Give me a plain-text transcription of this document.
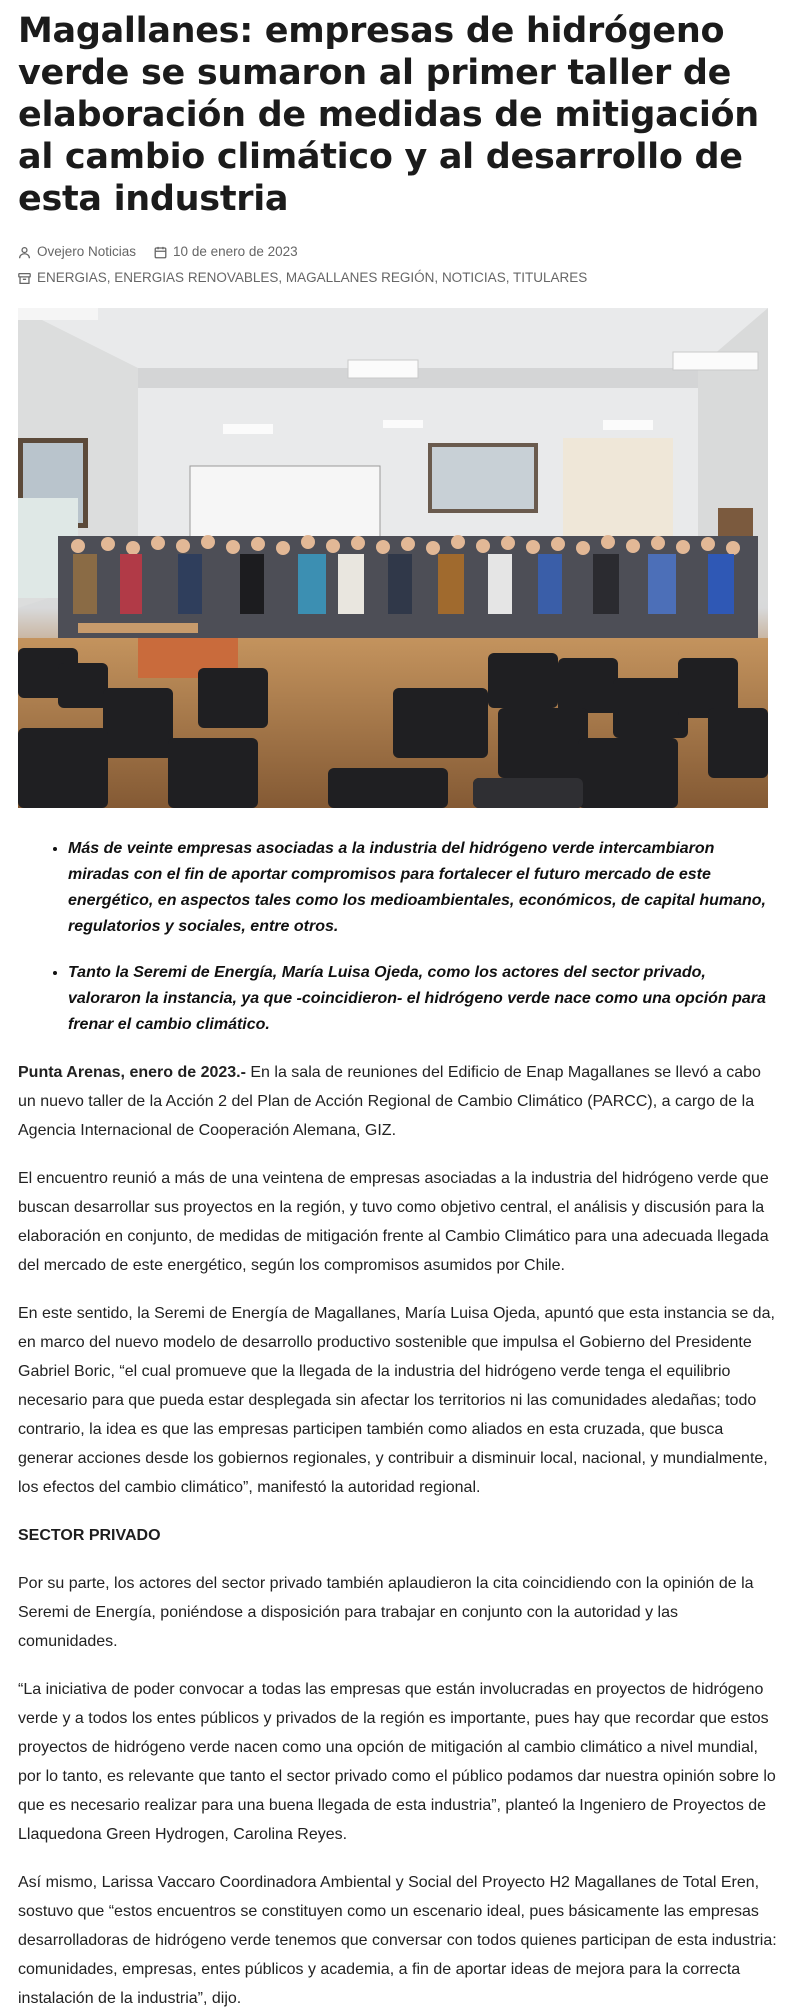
Magallanes: empresas de hidrógeno verde se sumaron al primer taller de elaboración de medidas de mitigación al cambio climático y al desarrollo de esta industria
Ovejero Noticias	10 de enero de 2023
ENERGIAS, ENERGIAS RENOVABLES, MAGALLANES REGIÓN, NOTICIAS, TITULARES
• Más de veinte empresas asociadas a la industria del hidrógeno verde intercambiaron miradas con el fin de aportar compromisos para fortalecer el futuro mercado de este energético, en aspectos tales como los medioambientales, económicos, de capital humano, regulatorios y sociales, entre otros.
• Tanto la Seremi de Energía, María Luisa Ojeda, como los actores del sector privado, valoraron la instancia, ya que -coincidieron- el hidrógeno verde nace como una opción para frenar el cambio climático.

Punta Arenas, enero de 2023.- En la sala de reuniones del Edificio de Enap Magallanes se llevó a cabo un nuevo taller de la Acción 2 del Plan de Acción Regional de Cambio Climático (PARCC), a cargo de la Agencia Internacional de Cooperación Alemana, GIZ.

El encuentro reunió a más de una veintena de empresas asociadas a la industria del hidrógeno verde que buscan desarrollar sus proyectos en la región, y tuvo como objetivo central, el análisis y discusión para la elaboración en conjunto, de medidas de mitigación frente al Cambio Climático para una adecuada llegada del mercado de este energético, según los compromisos asumidos por Chile.

En este sentido, la Seremi de Energía de Magallanes, María Luisa Ojeda, apuntó que esta instancia se da, en marco del nuevo modelo de desarrollo productivo sostenible que impulsa el Gobierno del Presidente Gabriel Boric, “el cual promueve que la llegada de la industria del hidrógeno verde tenga el equilibrio necesario para que pueda estar desplegada sin afectar los territorios ni las comunidades aledañas; todo contrario, la idea es que las empresas participen también como aliados en esta cruzada, que busca generar acciones desde los gobiernos regionales, y contribuir a disminuir local, nacional, y mundialmente, los efectos del cambio climático”, manifestó la autoridad regional.

SECTOR PRIVADO

Por su parte, los actores del sector privado también aplaudieron la cita coincidiendo con la opinión de la Seremi de Energía, poniéndose a disposición para trabajar en conjunto con la autoridad y las comunidades.

“La iniciativa de poder convocar a todas las empresas que están involucradas en proyectos de hidrógeno verde y a todos los entes públicos y privados de la región es importante, pues hay que recordar que estos proyectos de hidrógeno verde nacen como una opción de mitigación al cambio climático a nivel mundial, por lo tanto, es relevante que tanto el sector privado como el público podamos dar nuestra opinión sobre lo que es necesario realizar para una buena llegada de esta industria”, planteó la Ingeniero de Proyectos de Llaquedona Green Hydrogen, Carolina Reyes.

Así mismo, Larissa Vaccaro Coordinadora Ambiental y Social del Proyecto H2 Magallanes de Total Eren, sostuvo que “estos encuentros se constituyen como un escenario ideal, pues básicamente las empresas desarrolladoras de hidrógeno verde tenemos que conversar con todos quienes participan de esta industria: comunidades, empresas, entes públicos y academia, a fin de aportar ideas de mejora para la correcta instalación de la industria”, dijo.
